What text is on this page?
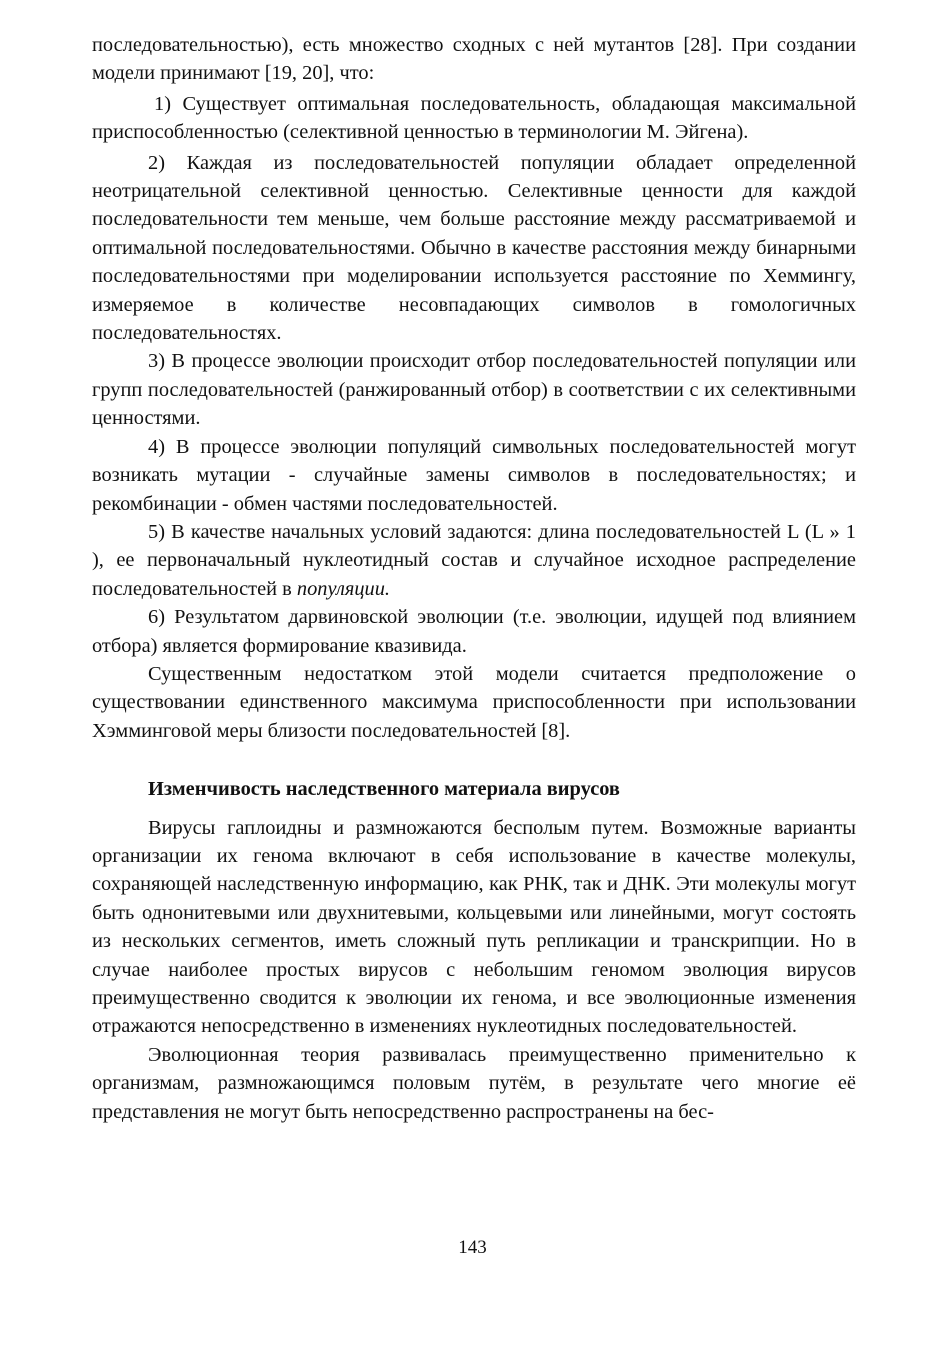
последовательностью), есть множество сходных с ней мутантов [28]. При создании модели принимают [19, 20], что:

1) Существует оптимальная последовательность, обладающая максимальной приспособленностью (селективной ценностью в терминологии М. Эйгена).

2) Каждая из последовательностей популяции обладает определенной неотрицательной селективной ценностью. Селективные ценности для каждой последовательности тем меньше, чем больше расстояние между рассматриваемой и оптимальной последовательностями. Обычно в качестве расстояния между бинарными последовательностями при моделировании используется расстояние по Хеммингу, измеряемое в количестве несовпадающих символов в гомологичных последовательностях.

3) В процессе эволюции происходит отбор последовательностей популяции или групп последовательностей (ранжированный отбор) в соответствии с их селективными ценностями.

4) В процессе эволюции популяций символьных последовательностей могут возникать мутации - случайные замены символов в последовательностях; и рекомбинации - обмен частями последовательностей.

5) В качестве начальных условий задаются: длина последовательностей L (L » 1 ), ее первоначальный нуклеотидный состав и случайное исходное распределение последовательностей в популяции.

6) Результатом дарвиновской эволюции (т.е. эволюции, идущей под влиянием отбора) является формирование квазивида.

Существенным недостатком этой модели считается предположение о существовании единственного максимума приспособленности при использовании Хэмминговой меры близости последовательностей [8].

Изменчивость наследственного материала вирусов

Вирусы гаплоидны и размножаются бесполым путем. Возможные варианты организации их генома включают в себя использование в качестве молекулы, сохраняющей наследственную информацию, как РНК, так и ДНК. Эти молекулы могут быть однонитевыми или двухнитевыми, кольцевыми или линейными, могут состоять из нескольких сегментов, иметь сложный путь репликации и транскрипции. Но в случае наиболее простых вирусов с небольшим геномом эволюция вирусов преимущественно сводится к эволюции их генома, и все эволюционные изменения отражаются непосредственно в изменениях нуклеотидных последовательностей.

Эволюционная теория развивалась преимущественно применительно к организмам, размножающимся половым путём, в результате чего многие её представления не могут быть непосредственно распространены на бес-

143
